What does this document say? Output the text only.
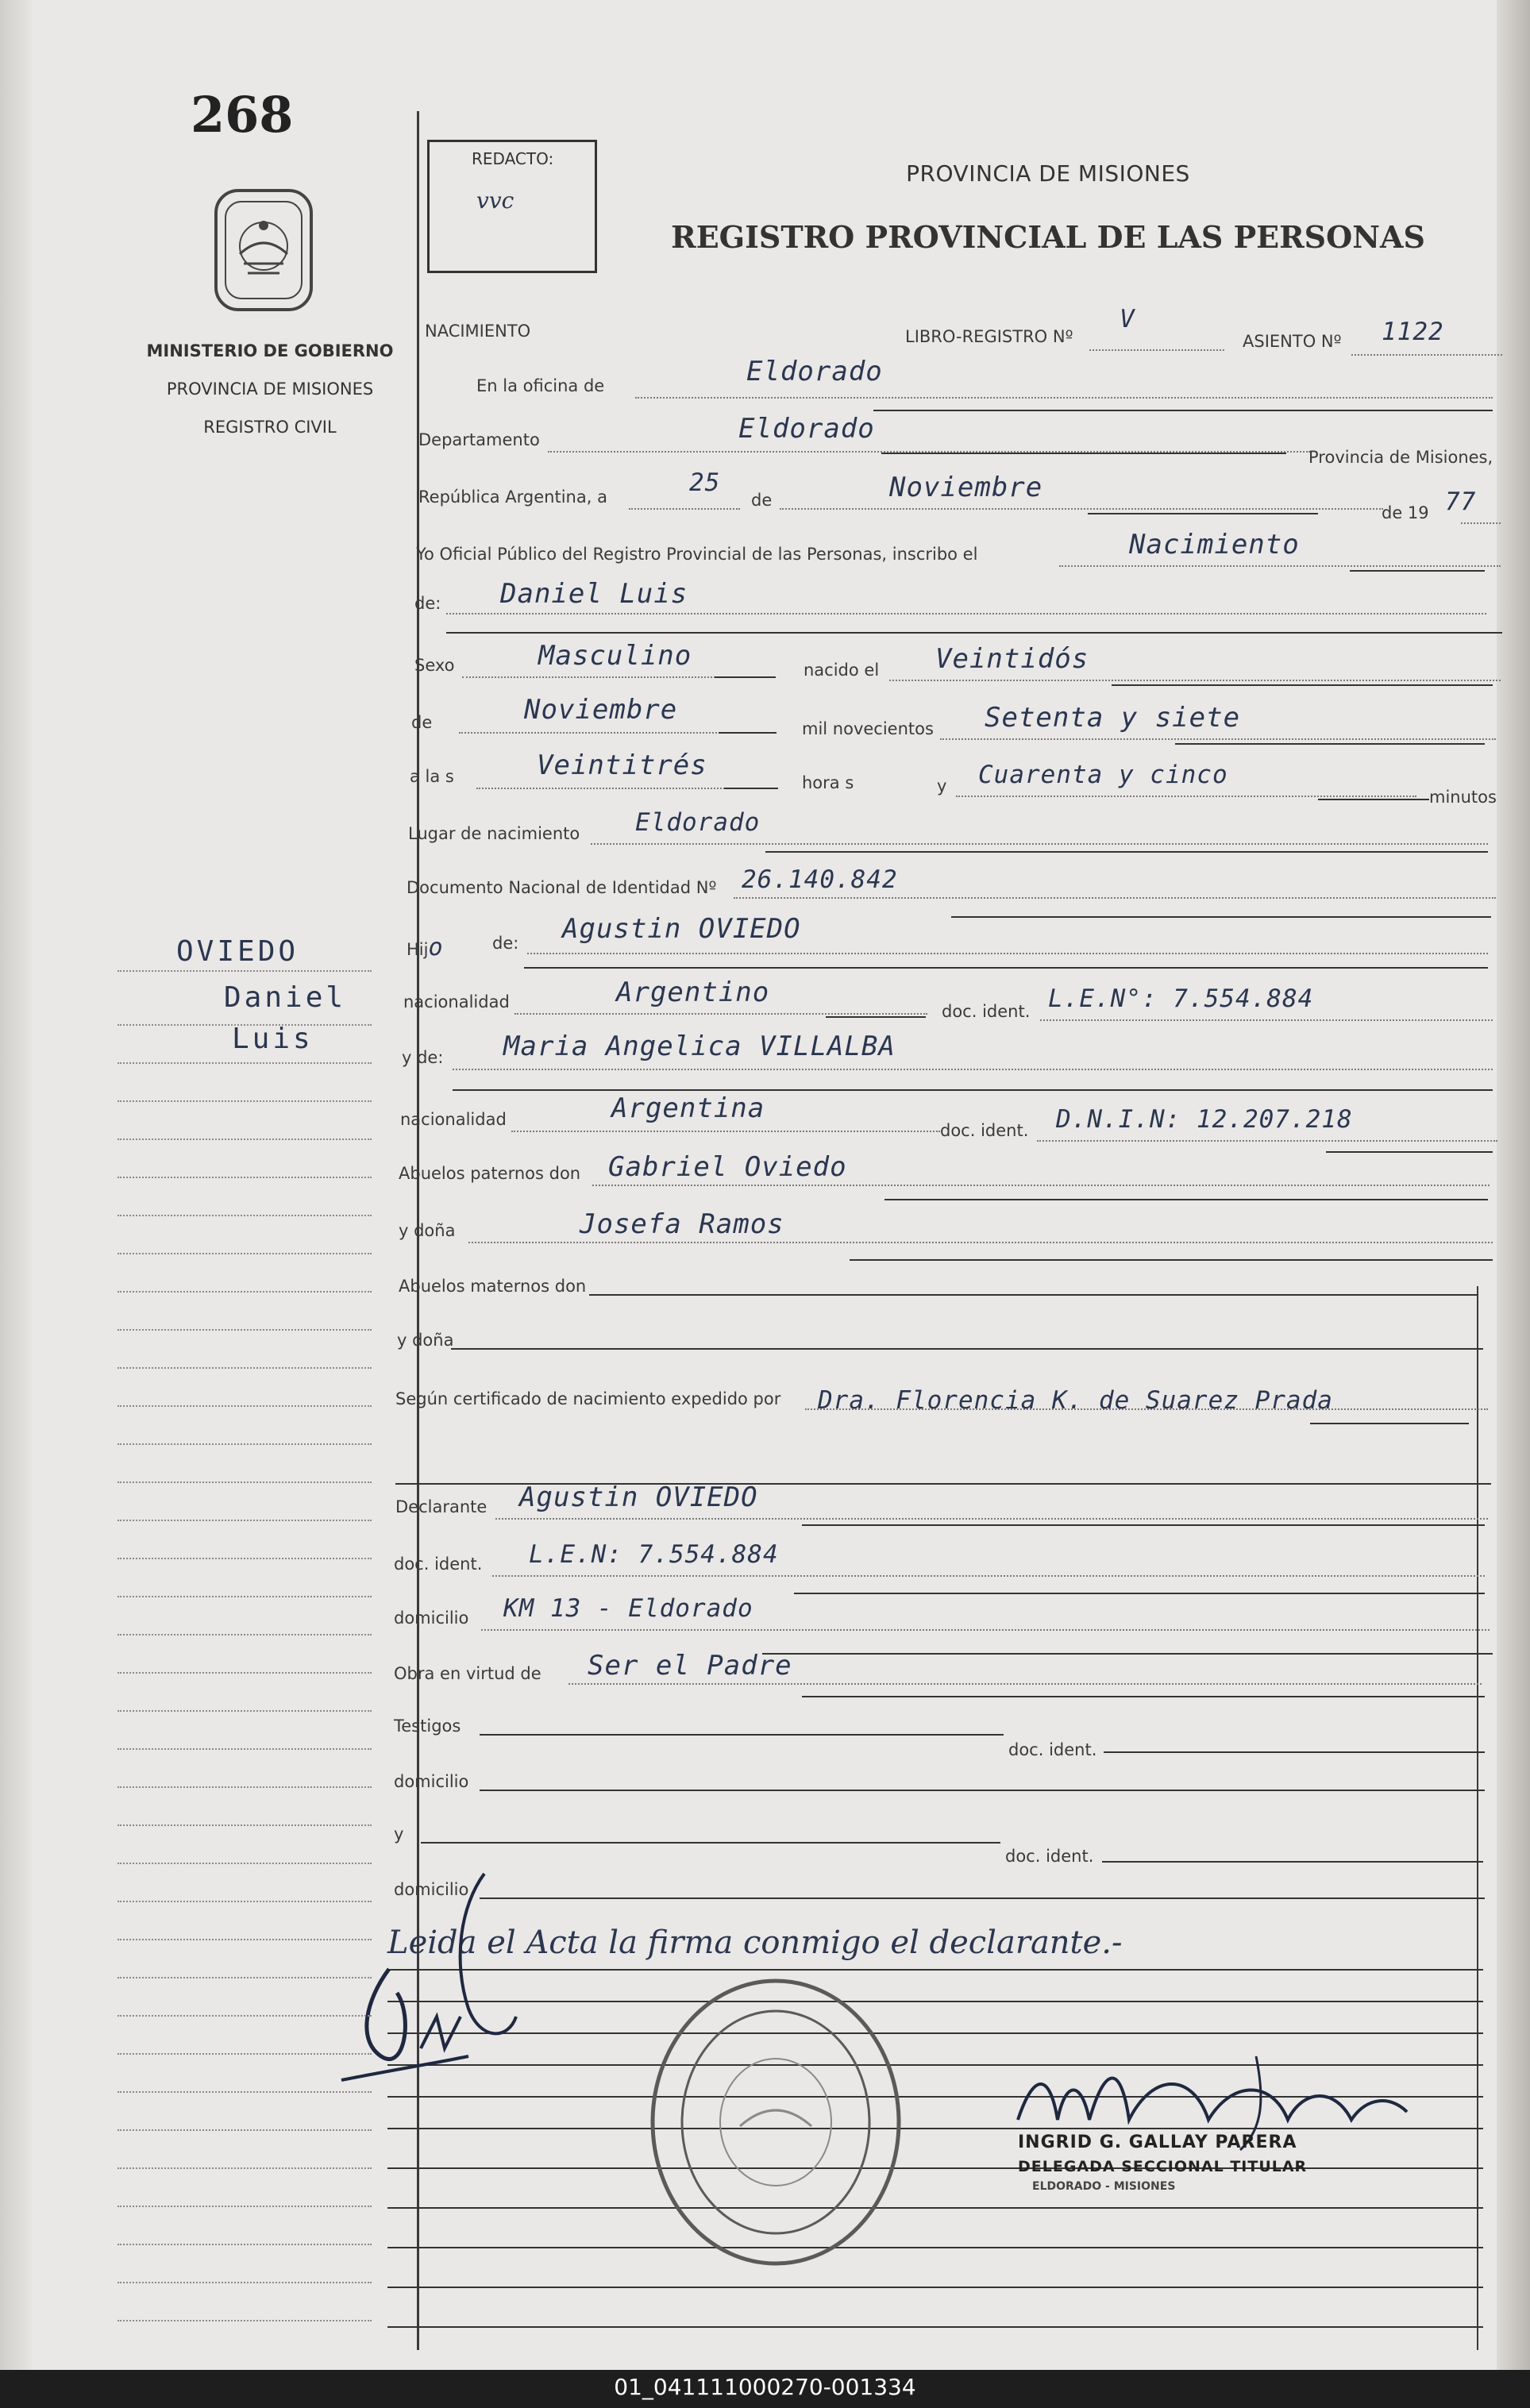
268
MINISTERIO DE GOBIERNO
PROVINCIA DE MISIONES
REGISTRO CIVIL
REDACTO:
vvc
PROVINCIA DE MISIONES
REGISTRO PROVINCIAL DE LAS PERSONAS
NACIMIENTO	LIBRO-REGISTRO Nº
V
ASIENTO Nº 1122
En la oficina de	Eldorado
Departamento	Eldorado
Provincia de Misiones,
República Argentina, a	25
de	Noviembre
de 19 77
Yo Oficial Público del Registro Provincial de las Personas, inscribo el	Nacimiento
de: Daniel Luis
Sexo	Masculino	nacido el Veintidós
de	Noviembre
mil novecientos Setenta y siete
a la s	Veintitrés
hora s	y Cuarenta y cinco
minutos
Lugar de nacimiento Eldorado
Documento Nacional de Identidad Nº 26.140.842
Hijo	de: Agustin OVIEDO
nacionalidad	Argentino
doc. ident. L.E.N°: 7.554.884
y de: Maria Angelica VILLALBA
nacionalidad	Argentina
doc. ident. D.N.I.N: 12.207.218
Abuelos paternos don Gabriel Oviedo
y doña	Josefa Ramos
Abuelos maternos don
y doña
Según certificado de nacimiento expedido por Dra. Florencia K. de Suarez Prada
Declarante Agustin OVIEDO
doc. ident. L.E.N: 7.554.884
domicilio KM 13 - Eldorado
Obra en virtud de Ser el Padre
Testigos
doc. ident.
domicilio
y
doc. ident.
domicilio
Leida el Acta la firma conmigo el declarante.-
INGRID G. GALLAY PARERA
DELEGADA SECCIONAL TITULAR
ELDORADO - MISIONES
OVIEDO
Daniel
Luis
01_041111000270-001334
